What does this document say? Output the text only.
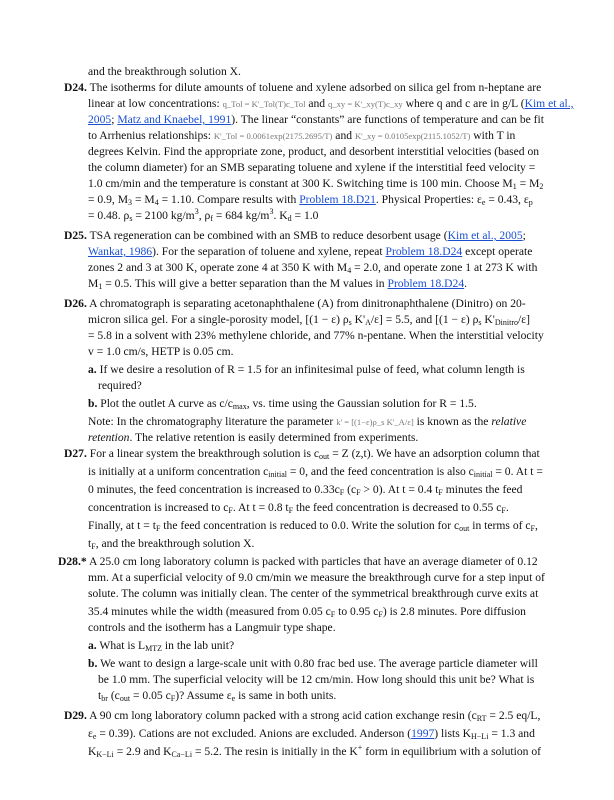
and the breakthrough solution X.
D24. The isotherms for dilute amounts of toluene and xylene adsorbed on silica gel from n-heptane are
linear at low concentrations: q_Tol = K'_Tol(T)c_Tol and q_xy = K'_xy(T)c_xy where q and c are in g/L (Kim et al.,
2005; Matz and Knaebel, 1991). The linear “constants” are functions of temperature and can be fit
to Arrhenius relationships: K'_Tol = 0.0061exp(2175.2695/T) and K'_xy = 0.0105exp(2115.1052/T) with T in
degrees Kelvin. Find the appropriate zone, product, and desorbent interstitial velocities (based on
the column diameter) for an SMB separating toluene and xylene if the interstitial feed velocity =
1.0 cm/min and the temperature is constant at 300 K. Switching time is 100 min. Choose $M_1 = M_2$
= 0.9, $M_3 = M_4 = 1.10$. Compare results with Problem 18.D21. Physical Properties: $\varepsilon_e = 0.43$, $\varepsilon_p$
= 0.48. $\rho_s = 2100$ $kg/m^3$, $\rho_f = 684$ $kg/m^3$. $K_d = 1.0$
D25. TSA regeneration can be combined with an SMB to reduce desorbent usage (Kim et al., 2005;
Wankat, 1986). For the separation of toluene and xylene, repeat Problem 18.D24 except operate
zones 2 and 3 at 300 K, operate zone 4 at 350 K with $M_4 = 2.0$, and operate zone 1 at 273 K with
$M_1 = 0.5$. This will give a better separation than the M values in Problem 18.D24.
D26. A chromatograph is separating acetonaphthalene (A) from dinitronaphthalene (Dinitro) on 20-
micron silica gel. For a single-porosity model, [(1 − ε) $\rho_s$ $K'_A/\varepsilon] = 5.5$, and [(1 − ε) $\rho_s$ $K'_{Dinitro}/\varepsilon$]
= 5.8 in a solvent with 23% methylene chloride, and 77% n-pentane. When the interstitial velocity
v = 1.0 cm/s, HETP is 0.05 cm.
a. If we desire a resolution of R = 1.5 for an infinitesimal pulse of feed, what column length is
required?
b. Plot the outlet A curve as $c/c_{max}$, vs. time using the Gaussian solution for R = 1.5.
Note: In the chromatography literature the parameter k' = [(1−ε)ρ_s K'_A/ε] is known as the relative
retention. The relative retention is easily determined from experiments.
D27. For a linear system the breakthrough solution is $c_{out} = Z$ (z,t). We have an adsorption column that
is initially at a uniform concentration $c_{initial} = 0$, and the feed concentration is also $c_{initial} = 0$. At t =
0 minutes, the feed concentration is increased to $0.33c_F$ $(c_F > 0)$. At t = 0.4 $t_F$ minutes the feed
concentration is increased to $c_F$. At t = 0.8 $t_F$ the feed concentration is decreased to 0.55 $c_F$.
Finally, at $t = t_F$ the feed concentration is reduced to 0.0. Write the solution for $c_{out}$ in terms of $c_F$,
$t_F$, and the breakthrough solution X.
D28.* A 25.0 cm long laboratory column is packed with particles that have an average diameter of 0.12
mm. At a superficial velocity of 9.0 cm/min we measure the breakthrough curve for a step input of
solute. The column was initially clean. The center of the symmetrical breakthrough curve exits at
35.4 minutes while the width (measured from 0.05 $c_F$ to 0.95 $c_F$) is 2.8 minutes. Pore diffusion
controls and the isotherm has a Langmuir type shape.
a. What is $L_{MTZ}$ in the lab unit?
b. We want to design a large-scale unit with 0.80 frac bed use. The average particle diameter will
be 1.0 mm. The superficial velocity will be 12 cm/min. How long should this unit be? What is
$t_{br}$ ($c_{out} = 0.05$ $c_F$)? Assume $\varepsilon_e$ is same in both units.
D29. A 90 cm long laboratory column packed with a strong acid cation exchange resin ($c_{RT} = 2.5$ eq/L,
$\varepsilon_e = 0.39$). Cations are not excluded. Anions are excluded. Anderson (1997) lists $K_{H-Li} = 1.3$ and
$K_{K-Li} = 2.9$ and $K_{Ca-Li} = 5.2$. The resin is initially in the K+ form in equilibrium with a solution of
